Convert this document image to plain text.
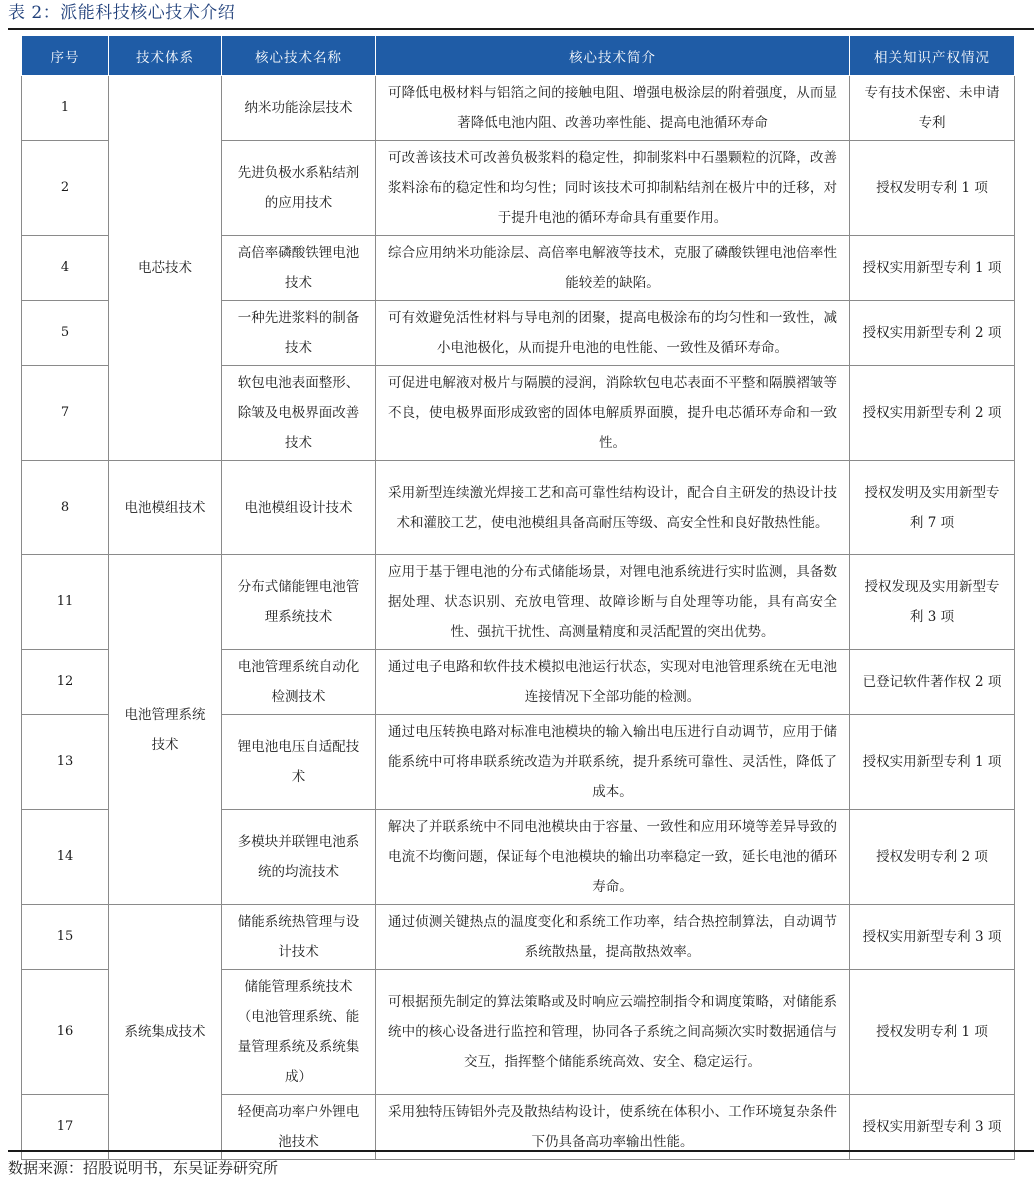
表 2：派能科技核心技术介绍
序号	技术体系	核心技术名称	核心技术简介	相关知识产权情况
1	电芯技术	纳米功能涂层技术	可降低电极材料与铝箔之间的接触电阻、增强电极涂层的附着强度，从而显著降低电池内阻、改善功率性能、提高电池循环寿命	专有技术保密、未申请专利
2		先进负极水系粘结剂的应用技术	可改善该技术可改善负极浆料的稳定性，抑制浆料中石墨颗粒的沉降，改善浆料涂布的稳定性和均匀性；同时该技术可抑制粘结剂在极片中的迁移，对于提升电池的循环寿命具有重要作用。	授权发明专利 1 项
4		高倍率磷酸铁锂电池技术	综合应用纳米功能涂层、高倍率电解液等技术，克服了磷酸铁锂电池倍率性能较差的缺陷。	授权实用新型专利 1 项
5		一种先进浆料的制备技术	可有效避免活性材料与导电剂的团聚，提高电极涂布的均匀性和一致性，减小电池极化，从而提升电池的电性能、一致性及循环寿命。	授权实用新型专利 2 项
7		软包电池表面整形、除皱及电极界面改善技术	可促进电解液对极片与隔膜的浸润，消除软包电芯表面不平整和隔膜褶皱等不良，使电极界面形成致密的固体电解质界面膜，提升电芯循环寿命和一致性。	授权实用新型专利 2 项
8	电池模组技术	电池模组设计技术	采用新型连续激光焊接工艺和高可靠性结构设计，配合自主研发的热设计技术和灌胶工艺，使电池模组具备高耐压等级、高安全性和良好散热性能。	授权发明及实用新型专利 7 项
11	电池管理系统技术	分布式储能锂电池管理系统技术	应用于基于锂电池的分布式储能场景，对锂电池系统进行实时监测，具备数据处理、状态识别、充放电管理、故障诊断与自处理等功能，具有高安全性、强抗干扰性、高测量精度和灵活配置的突出优势。	授权发现及实用新型专利 3 项
12		电池管理系统自动化检测技术	通过电子电路和软件技术模拟电池运行状态，实现对电池管理系统在无电池连接情况下全部功能的检测。	已登记软件著作权 2 项
13		锂电池电压自适配技术	通过电压转换电路对标准电池模块的输入输出电压进行自动调节，应用于储能系统中可将串联系统改造为并联系统，提升系统可靠性、灵活性，降低了成本。	授权实用新型专利 1 项
14		多模块并联锂电池系统的均流技术	解决了并联系统中不同电池模块由于容量、一致性和应用环境等差异导致的电流不均衡问题，保证每个电池模块的输出功率稳定一致，延长电池的循环寿命。	授权发明专利 2 项
15	系统集成技术	储能系统热管理与设计技术	通过侦测关键热点的温度变化和系统工作功率，结合热控制算法，自动调节系统散热量，提高散热效率。	授权实用新型专利 3 项
16		储能管理系统技术（电池管理系统、能量管理系统及系统集成）	可根据预先制定的算法策略或及时响应云端控制指令和调度策略，对储能系统中的核心设备进行监控和管理，协同各子系统之间高频次实时数据通信与交互，指挥整个储能系统高效、安全、稳定运行。	授权发明专利 1 项
17		轻便高功率户外锂电池技术	采用独特压铸铝外壳及散热结构设计，使系统在体积小、工作环境复杂条件下仍具备高功率输出性能。	授权实用新型专利 3 项
数据来源：招股说明书，东吴证券研究所
